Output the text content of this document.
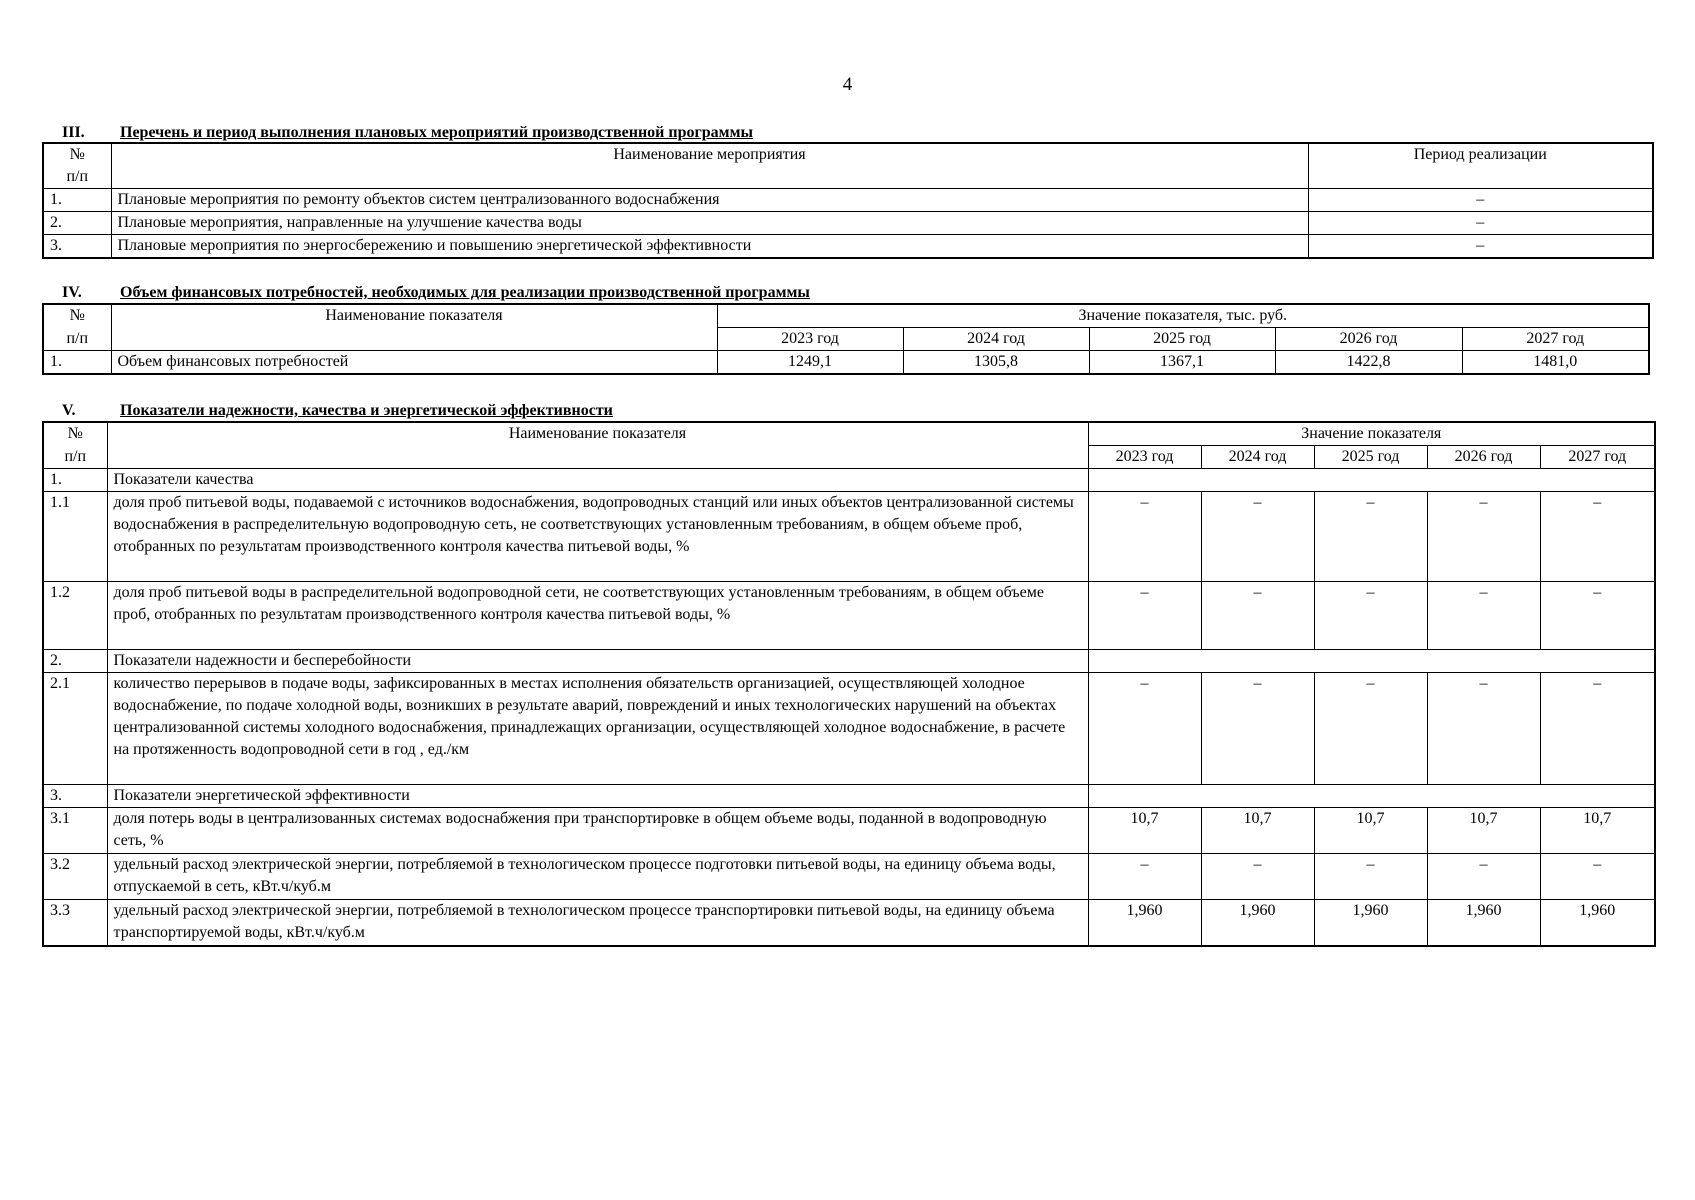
4
III. Перечень и период выполнения плановых мероприятий производственной программы
№
п/п	Наименование мероприятия	Период реализации
1.	Плановые мероприятия по ремонту объектов систем централизованного водоснабжения	–
2.	Плановые мероприятия, направленные на улучшение качества воды	–
3.	Плановые мероприятия по энергосбережению и повышению энергетической эффективности	–
IV. Объем финансовых потребностей, необходимых для реализации производственной программы
№	Наименование показателя	Значение показателя, тыс. руб.				
п/п		2023 год	2024 год	2025 год	2026 год	2027 год
1.	Объем финансовых потребностей	1249,1	1305,8	1367,1	1422,8	1481,0
V.	Показатели надежности, качества и энергетической эффективности
№	Наименование показателя	Значение показателя				
п/п		2023 год	2024 год	2025 год	2026 год	2027 год
1.	Показатели качества					
1.1	доля проб питьевой воды, подаваемой с источников водоснабжения, водопроводных станций или иных объектов централизованной системы водоснабжения в распределительную водопроводную сеть, не соответствующих установленным требованиям, в общем объеме проб, отобранных по результатам производственного контроля качества питьевой воды, %	–	–	–	–	–
1.2	доля проб питьевой воды в распределительной водопроводной сети, не соответствующих установленным требованиям, в общем объеме проб, отобранных по результатам производственного контроля качества питьевой воды, %	–	–	–	–	–
2.	Показатели надежности и бесперебойности					
2.1	количество перерывов в подаче воды, зафиксированных в местах исполнения обязательств организацией, осуществляющей холодное водоснабжение, по подаче холодной воды, возникших в результате аварий, повреждений и иных технологических нарушений на объектах централизованной системы холодного водоснабжения, принадлежащих организации, осуществляющей холодное водоснабжение, в расчете на протяженность водопроводной сети в год , ед./км	–	–	–	–	–
3.	Показатели энергетической эффективности					
3.1	доля потерь воды в централизованных системах водоснабжения при транспортировке в общем объеме воды, поданной в водопроводную сеть, %	10,7	10,7	10,7	10,7	10,7
3.2	удельный расход электрической энергии, потребляемой в технологическом процессе подготовки питьевой воды, на единицу объема воды, отпускаемой в сеть, кВт.ч/куб.м	–	–	–	–	–
3.3	удельный расход электрической энергии, потребляемой в технологическом процессе транспортировки питьевой воды, на единицу объема транспортируемой воды, кВт.ч/куб.м	1,960	1,960	1,960	1,960	1,960
